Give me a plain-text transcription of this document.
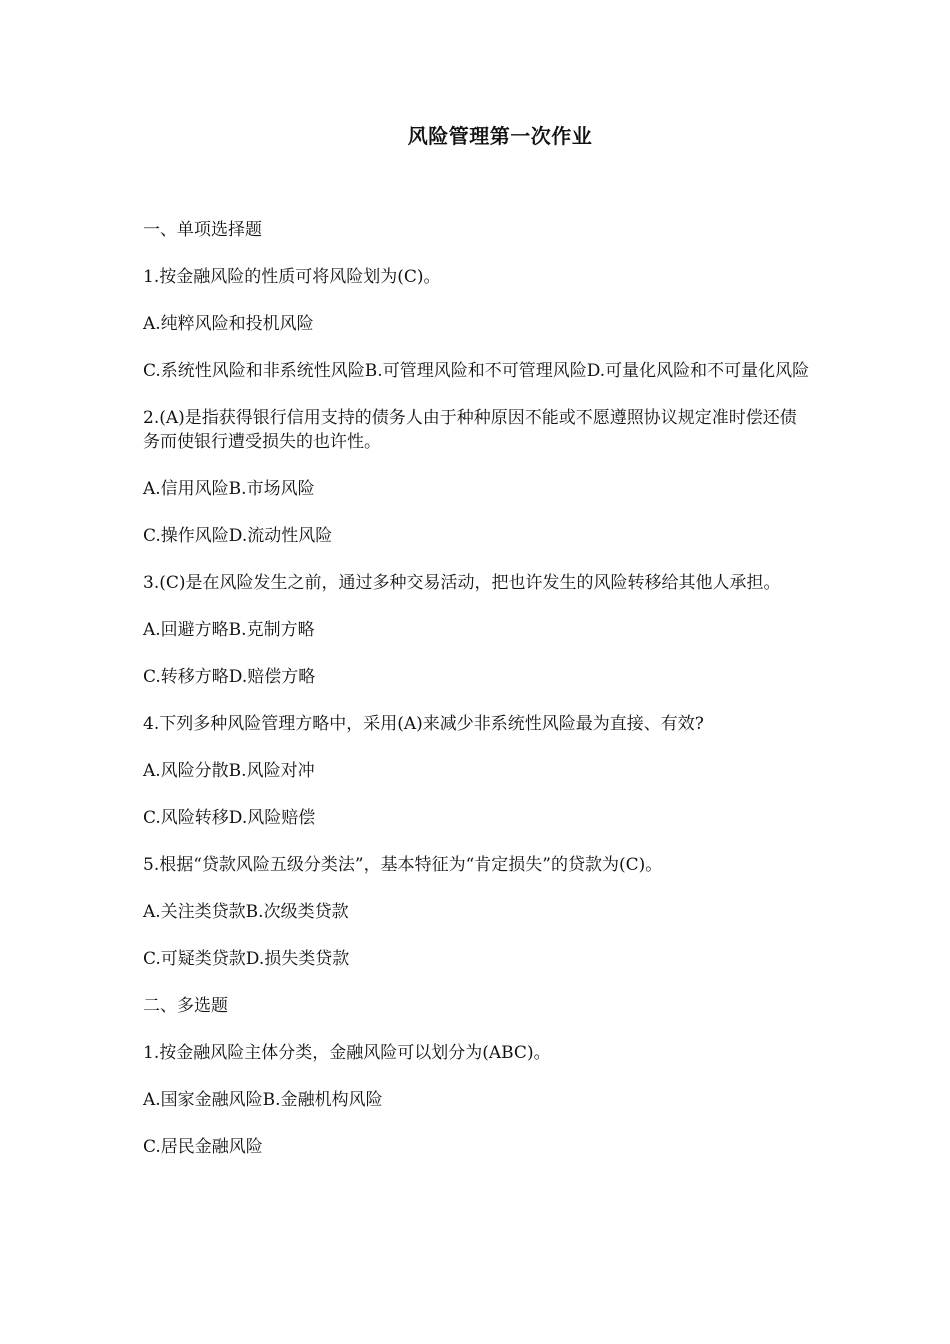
风险管理第一次作业

一、单项选择题

1.按金融风险的性质可将风险划为(C)。

A.纯粹风险和投机风险

C.系统性风险和非系统性风险B.可管理风险和不可管理风险D.可量化风险和不可量化风险

2.(A)是指获得银行信用支持的债务人由于种种原因不能或不愿遵照协议规定准时偿还债务而使银行遭受损失的也许性。

A.信用风险B.市场风险

C.操作风险D.流动性风险

3.(C)是在风险发生之前，通过多种交易活动，把也许发生的风险转移给其他人承担。

A.回避方略B.克制方略

C.转移方略D.赔偿方略

4.下列多种风险管理方略中，采用(A)来减少非系统性风险最为直接、有效?

A.风险分散B.风险对冲

C.风险转移D.风险赔偿

5.根据“贷款风险五级分类法”，基本特征为“肯定损失”的贷款为(C)。

A.关注类贷款B.次级类贷款

C.可疑类贷款D.损失类贷款

二、多选题

1.按金融风险主体分类，金融风险可以划分为(ABC)。

A.国家金融风险B.金融机构风险

C.居民金融风险
